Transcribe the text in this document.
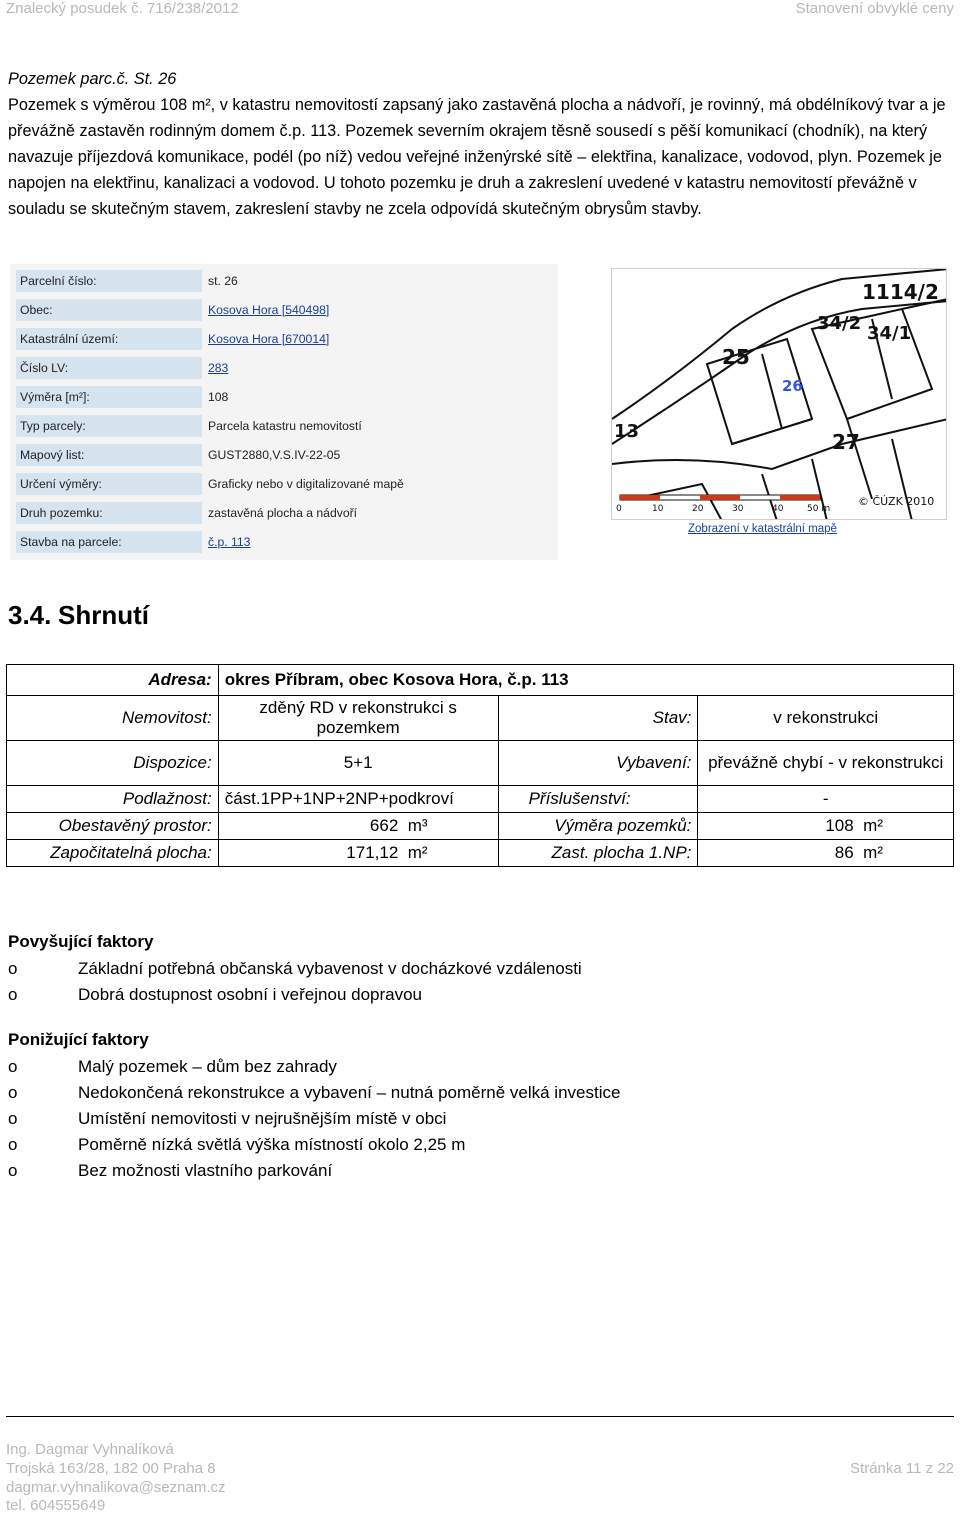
Znalecký posudek č. 716/238/2012	Stanovení obvyklé ceny

Pozemek parc.č. St. 26

Pozemek s výměrou 108 m², v katastru nemovitostí zapsaný jako zastavěná plocha a nádvoří, je rovinný, má obdélníkový tvar a je převážně zastavěn rodinným domem č.p. 113. Pozemek severním okrajem těsně sousedí s pěší komunikací (chodník), na který navazuje příjezdová komunikace, podél (po níž) vedou veřejné inženýrské sítě – elektřina, kanalizace, vodovod, plyn. Pozemek je napojen na elektřinu, kanalizaci a vodovod. U tohoto pozemku je druh a zakreslení uvedené v katastru nemovitostí převážně v souladu se skutečným stavem, zakreslení stavby ne zcela odpovídá skutečným obrysům stavby.

Parcelní číslo:	st. 26
Obec:	Kosova Hora [540498]
Katastrální území:	Kosova Hora [670014]
Číslo LV:	283
Výměra [m²]:	108
Typ parcely:	Parcela katastru nemovitostí
Mapový list:	GUST2880,V.S.IV-22-05
Určení výměry:	Graficky nebo v digitalizované mapě
Druh pozemku:	zastavěná plocha a nádvoří
Stavba na parcele:	č.p. 113
1114/2
34/2 34/1
25
26
13	27
0	10	20	30	40	50 m
© ČÚZK 2010
Zobrazení v katastrální mapě
3.4. Shrnutí
Adresa:	okres Příbram, obec Kosova Hora, č.p. 113		
Nemovitost:	zděný RD v rekonstrukci s pozemkem	Stav:	v rekonstrukci
Dispozice:	5+1	Vybavení:	převážně chybí - v rekonstrukci
Podlažnost:	část.1PP+1NP+2NP+podkroví	Příslušenství:	-
Obestavěný prostor:	662 m³	Výměra pozemků:	108 m²
Započitatelná plocha:	171,12 m²	Zast. plocha 1.NP:	86 m²
Povyšující faktory
o	Základní potřebná občanská vybavenost v docházkové vzdálenosti
o	Dobrá dostupnost osobní i veřejnou dopravou
Ponižující faktory
o	Malý pozemek – dům bez zahrady
o	Nedokončená rekonstrukce a vybavení – nutná poměrně velká investice
o	Umístění nemovitosti v nejrušnějším místě v obci
o	Poměrně nízká světlá výška místností okolo 2,25 m
o	Bez možnosti vlastního parkování
Ing. Dagmar Vyhnalíková
Trojská 163/28, 182 00 Praha 8
dagmar.vyhnalikova@seznam.cz
tel. 604555649
Stránka 11 z 22
